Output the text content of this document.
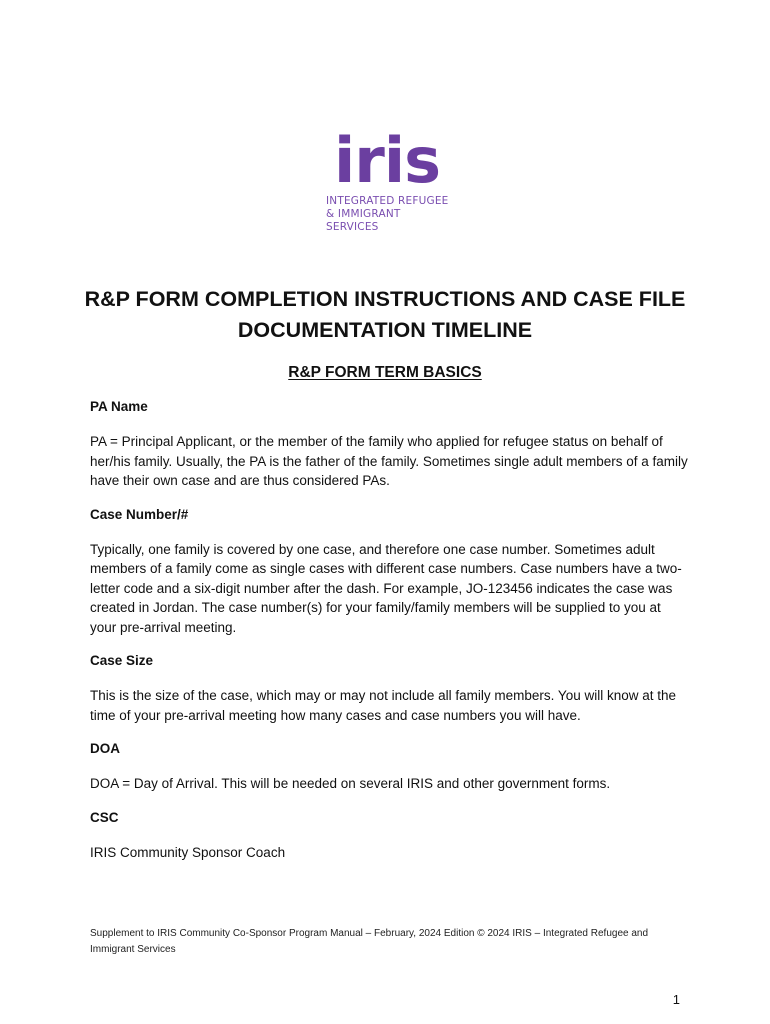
iris
INTEGRATED REFUGEE
& IMMIGRANT SERVICES
R&P FORM COMPLETION INSTRUCTIONS AND CASE FILE DOCUMENTATION TIMELINE
R&P FORM TERM BASICS
PA Name
PA = Principal Applicant, or the member of the family who applied for refugee status on behalf of her/his family. Usually, the PA is the father of the family. Sometimes single adult members of a family have their own case and are thus considered PAs.
Case Number/#
Typically, one family is covered by one case, and therefore one case number. Sometimes adult members of a family come as single cases with different case numbers. Case numbers have a two-letter code and a six-digit number after the dash. For example, JO-123456 indicates the case was created in Jordan. The case number(s) for your family/family members will be supplied to you at your pre-arrival meeting.
Case Size
This is the size of the case, which may or may not include all family members. You will know at the time of your pre-arrival meeting how many cases and case numbers you will have.
DOA
DOA = Day of Arrival. This will be needed on several IRIS and other government forms.
CSC
IRIS Community Sponsor Coach
Supplement to IRIS Community Co-Sponsor Program Manual – February, 2024 Edition © 2024 IRIS – Integrated Refugee and Immigrant Services
1
